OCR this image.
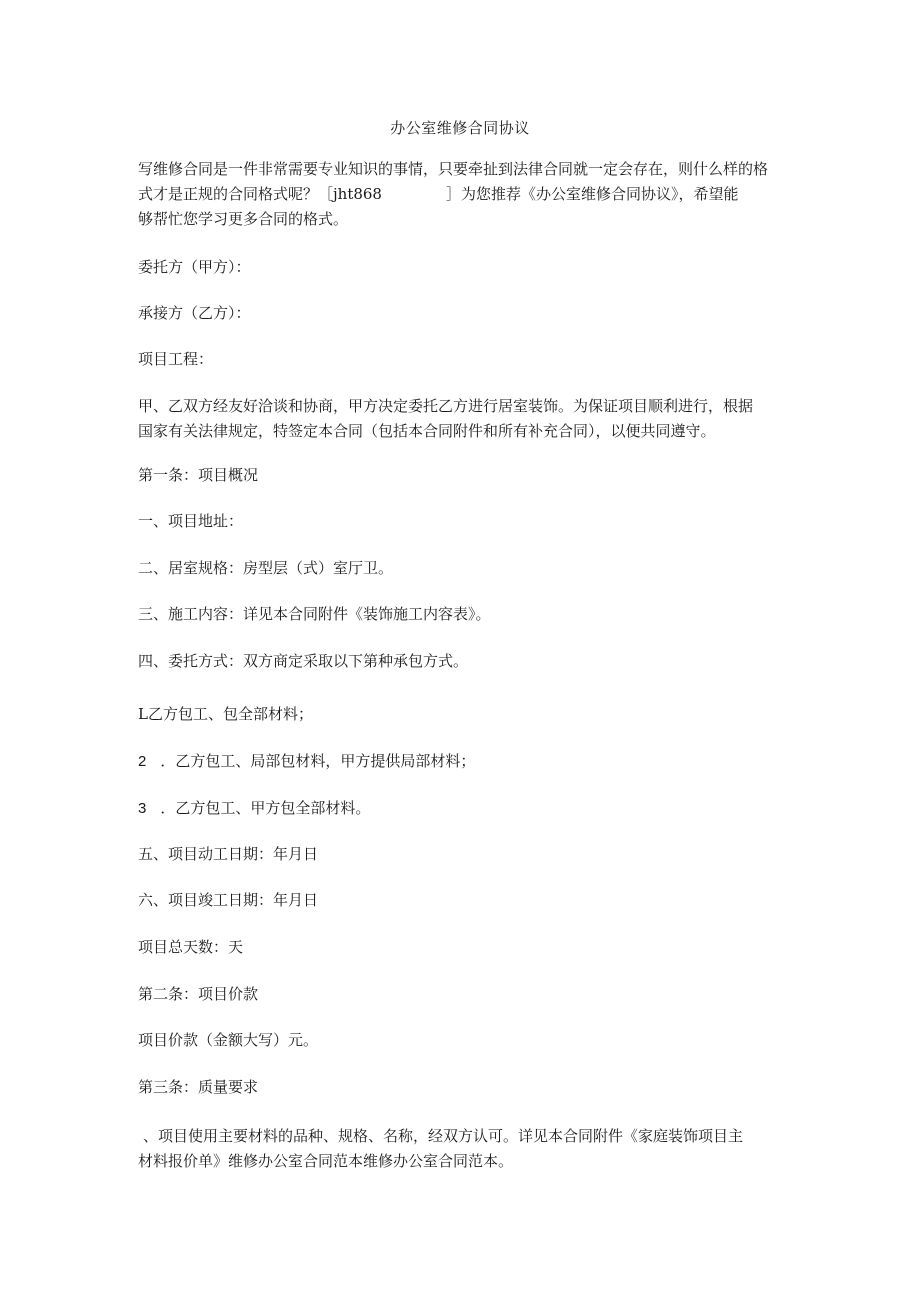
办公室维修合同协议
写维修合同是一件非常需要专业知识的事情，只要牵扯到法律合同就一定会存在，则什么样的格
式才是正规的合同格式呢？［jht868	］为您推荐《办公室维修合同协议》，希望能
够帮忙您学习更多合同的格式。
委托方（甲方）：
承接方（乙方）：
项目工程：
甲、乙双方经友好洽谈和协商，甲方决定委托乙方进行居室装饰。为保证项目顺利进行，根据
国家有关法律规定，特签定本合同（包括本合同附件和所有补充合同），以便共同遵守。
第一条：项目概况
一、项目地址：
二、居室规格：房型层（式）室厅卫。
三、施工内容：详见本合同附件《装饰施工内容表》。
四、委托方式：双方商定采取以下第种承包方式。
L乙方包工、包全部材料；
2 ．乙方包工、局部包材料，甲方提供局部材料；
3 ．乙方包工、甲方包全部材料。
五、项目动工日期：年月日
六、项目竣工日期：年月日
项目总天数：天
第二条：项目价款
项目价款（金额大写）元。
第三条：质量要求
、项目使用主要材料的品种、规格、名称，经双方认可。详见本合同附件《家庭装饰项目主
材料报价单》维修办公室合同范本维修办公室合同范本。
